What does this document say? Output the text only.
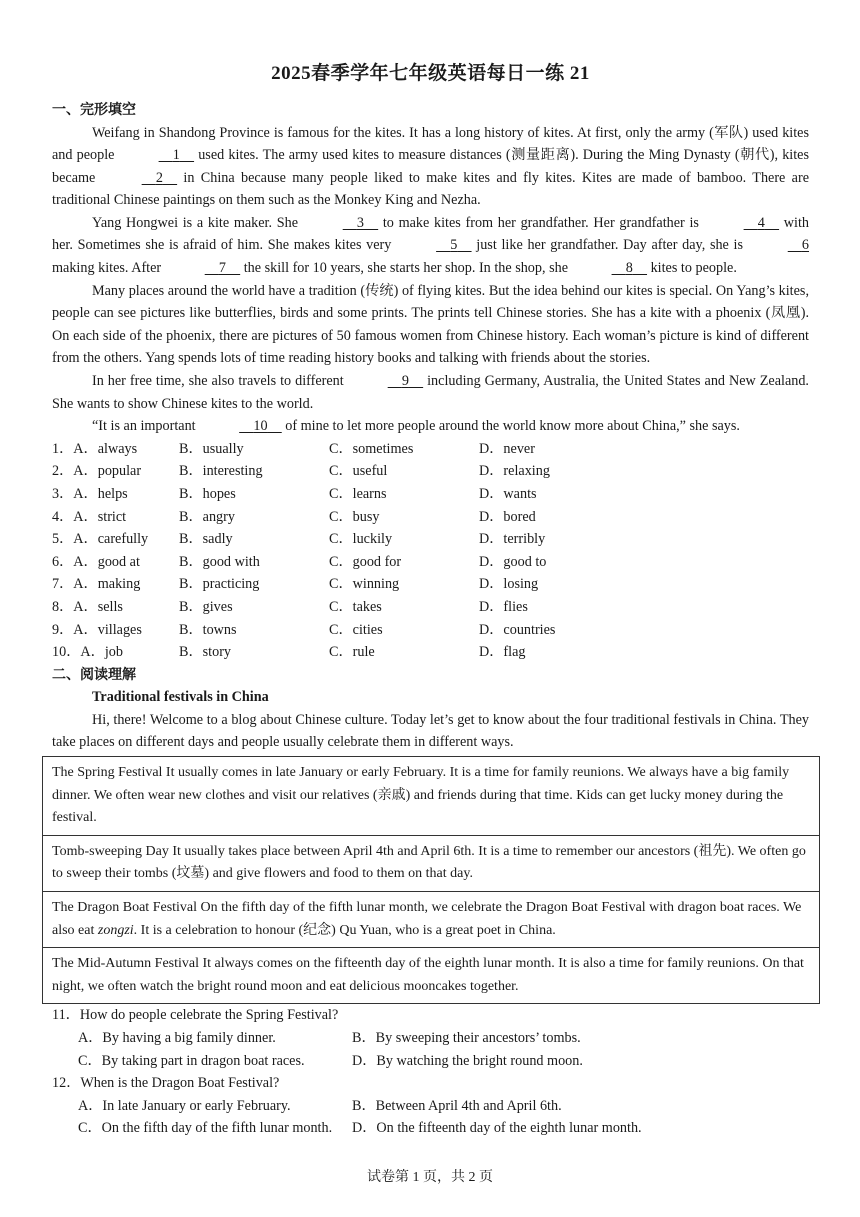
2025春季学年七年级英语每日一练 21
一、完形填空

Weifang in Shandong Province is famous for the kites. It has a long history of kites. At first, only the army (军队) used kites and people	1     used kites. The army used kites to measure distances (测量距离). During the Ming Dynasty (朝代), kites became	2     in China because many people liked to make kites and fly kites. Kites are made of bamboo. There are traditional Chinese paintings on them such as the Monkey King and Nezha.

Yang Hongwei is a kite maker. She	3     to make kites from her grandfather. Her grandfather is	4     with her. Sometimes she is afraid of him. She makes kites very	5     just like her grandfather. Day after day, she is	6 making kites. After	7     the skill for 10 years, she starts her shop. In the shop, she	8     kites to people.

Many places around the world have a tradition (传统) of flying kites. But the idea behind our kites is special. On Yang’s kites, people can see pictures like butterflies, birds and some prints. The prints tell Chinese stories. She has a kite with a phoenix (凤凰). On each side of the phoenix, there are pictures of 50 famous women from Chinese history. Each woman’s picture is kind of different from the others. Yang spends lots of time reading history books and talking with friends about the stories.

In her free time, she also travels to different	9     including Germany, Australia, the United States and New Zealand. She wants to show Chinese kites to the world.

“It is an important	10     of mine to let more people around the world know more about China,” she says.

1．A．always	B．usually	C．sometimes	D．never
2．A．popular	B．interesting	C．useful	D．relaxing
3．A．helps	B．hopes	C．learns	D．wants
4．A．strict	B．angry	C．busy	D．bored
5．A．carefully	B．sadly	C．luckily	D．terribly
6．A．good at	B．good with	C．good for	D．good to
7．A．making	B．practicing	C．winning	D．losing
8．A．sells	B．gives	C．takes	D．flies
9．A．villages	B．towns	C．cities	D．countries
10．A．job	B．story	C．rule	D．flag
二、阅读理解
Traditional festivals in China

Hi, there! Welcome to a blog about Chinese culture. Today let’s get to know about the four traditional festivals in China. They take places on different days and people usually celebrate them in different ways.

The Spring Festival It usually comes in late January or early February. It is a time for family reunions. We always have a big family dinner. We often wear new clothes and visit our relatives (亲戚) and friends during that time. Kids can get lucky money during the festival.
Tomb-sweeping Day It usually takes place between April 4th and April 6th. It is a time to remember our ancestors (祖先). We often go to sweep their tombs (坟墓) and give flowers and food to them on that day.
The Dragon Boat Festival On the fifth day of the fifth lunar month, we celebrate the Dragon Boat Festival with dragon boat races. We also eat zongzi. It is a celebration to honour (纪念) Qu Yuan, who is a great poet in China.
The Mid-Autumn Festival It always comes on the fifteenth day of the eighth lunar month. It is also a time for family reunions. On that night, we often watch the bright round moon and eat delicious mooncakes together.
11．How do people celebrate the Spring Festival?
A．By having a big family dinner.	B．By sweeping their ancestors’ tombs.
C．By taking part in dragon boat races.	D．By watching the bright round moon.
12．When is the Dragon Boat Festival?
A．In late January or early February.	B．Between April 4th and April 6th.
C．On the fifth day of the fifth lunar month.	D．On the fifteenth day of the eighth lunar month.
试卷第 1 页，共 2 页
